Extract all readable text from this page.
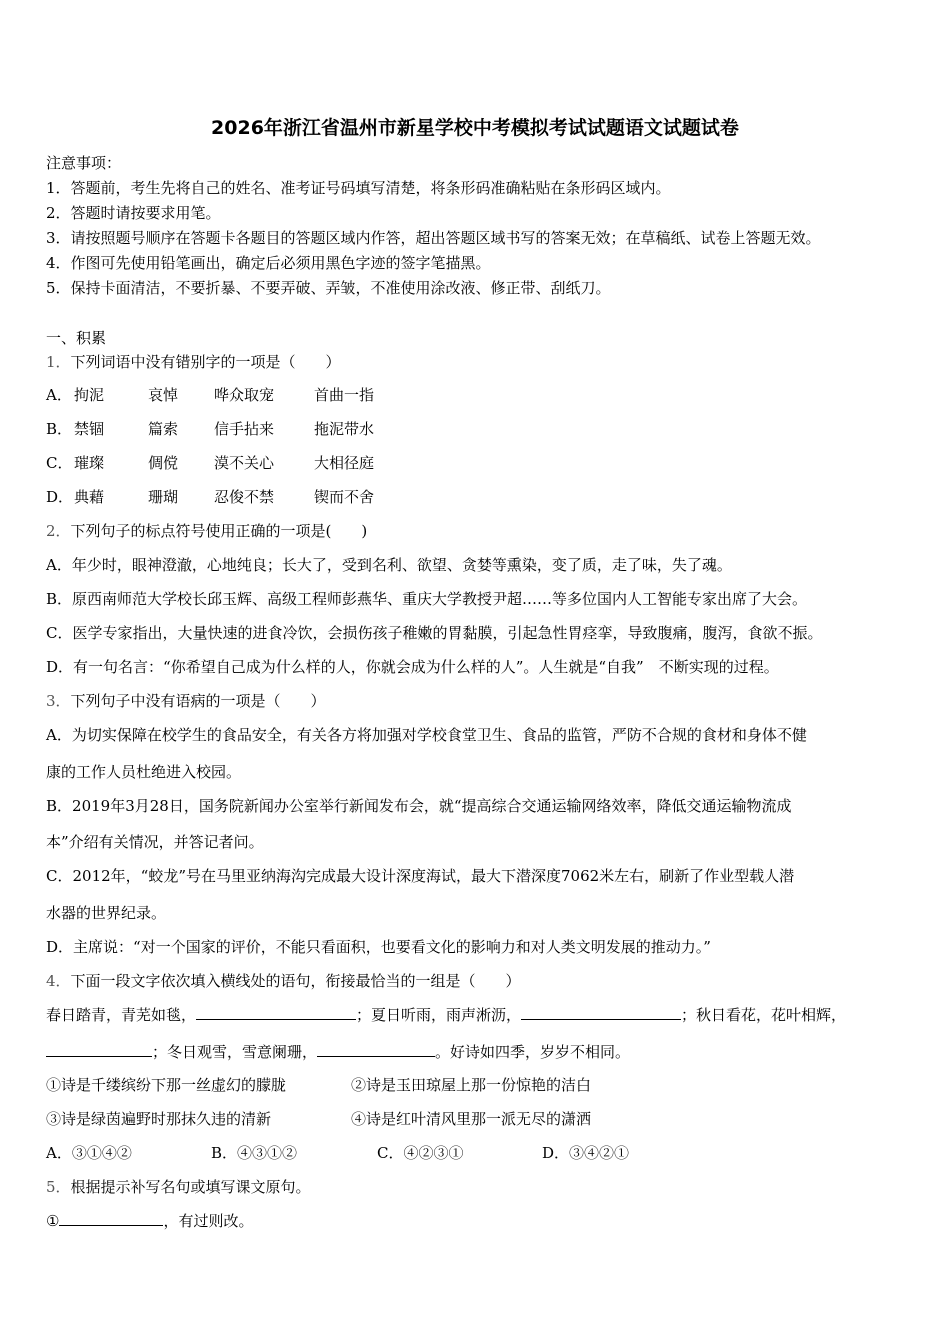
2026年浙江省温州市新星学校中考模拟考试试题语文试题试卷
注意事项：
1．答题前，考生先将自己的姓名、准考证号码填写清楚，将条形码准确粘贴在条形码区域内。
2．答题时请按要求用笔。
3．请按照题号顺序在答题卡各题目的答题区域内作答，超出答题区域书写的答案无效；在草稿纸、试卷上答题无效。
4．作图可先使用铅笔画出，确定后必须用黑色字迹的签字笔描黑。
5．保持卡面清洁，不要折暴、不要弄破、弄皱，不准使用涂改液、修正带、刮纸刀。
一、积累
1．下列词语中没有错别字的一项是（　　）
A． 拘泥	哀悼 哗众取宠	首曲一指
B． 禁锢	篇索 信手拈来	拖泥带水
C． 璀璨	倜傥 漠不关心	大相径庭
D．典藉	珊瑚 忍俊不禁	锲而不舍
2．下列句子的标点符号使用正确的一项是(　　)
A．年少时，眼神澄澈，心地纯良；长大了，受到名利、欲望、贪婪等熏染，变了质，走了味，失了魂。
B．原西南师范大学校长邱玉辉、高级工程师彭燕华、重庆大学教授尹超……等多位国内人工智能专家出席了大会。
C．医学专家指出，大量快速的进食冷饮，会损伤孩子稚嫩的胃黏膜，引起急性胃痉挛，导致腹痛，腹泻，食欲不振。
D．有一句名言：“你希望自己成为什么样的人，你就会成为什么样的人”。人生就是“自我”　不断实现的过程。
3．下列句子中没有语病的一项是（　　）
A．为切实保障在校学生的食品安全，有关各方将加强对学校食堂卫生、食品的监管，严防不合规的食材和身体不健
康的工作人员杜绝进入校园。
B．2019年3月28日，国务院新闻办公室举行新闻发布会，就“提高综合交通运输网络效率，降低交通运输物流成
本”介绍有关情况，并答记者问。
C．2012年，“蛟龙”号在马里亚纳海沟完成最大设计深度海试，最大下潜深度7062米左右，刷新了作业型载人潜
水器的世界纪录。
D．主席说：“对一个国家的评价，不能只看面积，也要看文化的影响力和对人类文明发展的推动力。”
4．下面一段文字依次填入横线处的语句，衔接最恰当的一组是（　　）
春日踏青，青芜如毯，	；夏日听雨，雨声淅沥，	；秋日看花，花叶相辉，
；冬日观雪，雪意阑珊，	。好诗如四季，岁岁不相同。
①诗是千缕缤纷下那一丝虚幻的朦胧	②诗是玉田琼屋上那一份惊艳的洁白
③诗是绿茵遍野时那抹久违的清新	④诗是红叶清风里那一派无尽的潇洒
A．③①④②	B．④③①②	C．④②③①	D．③④②①
5．根据提示补写名句或填写课文原句。
①	，有过则改。
